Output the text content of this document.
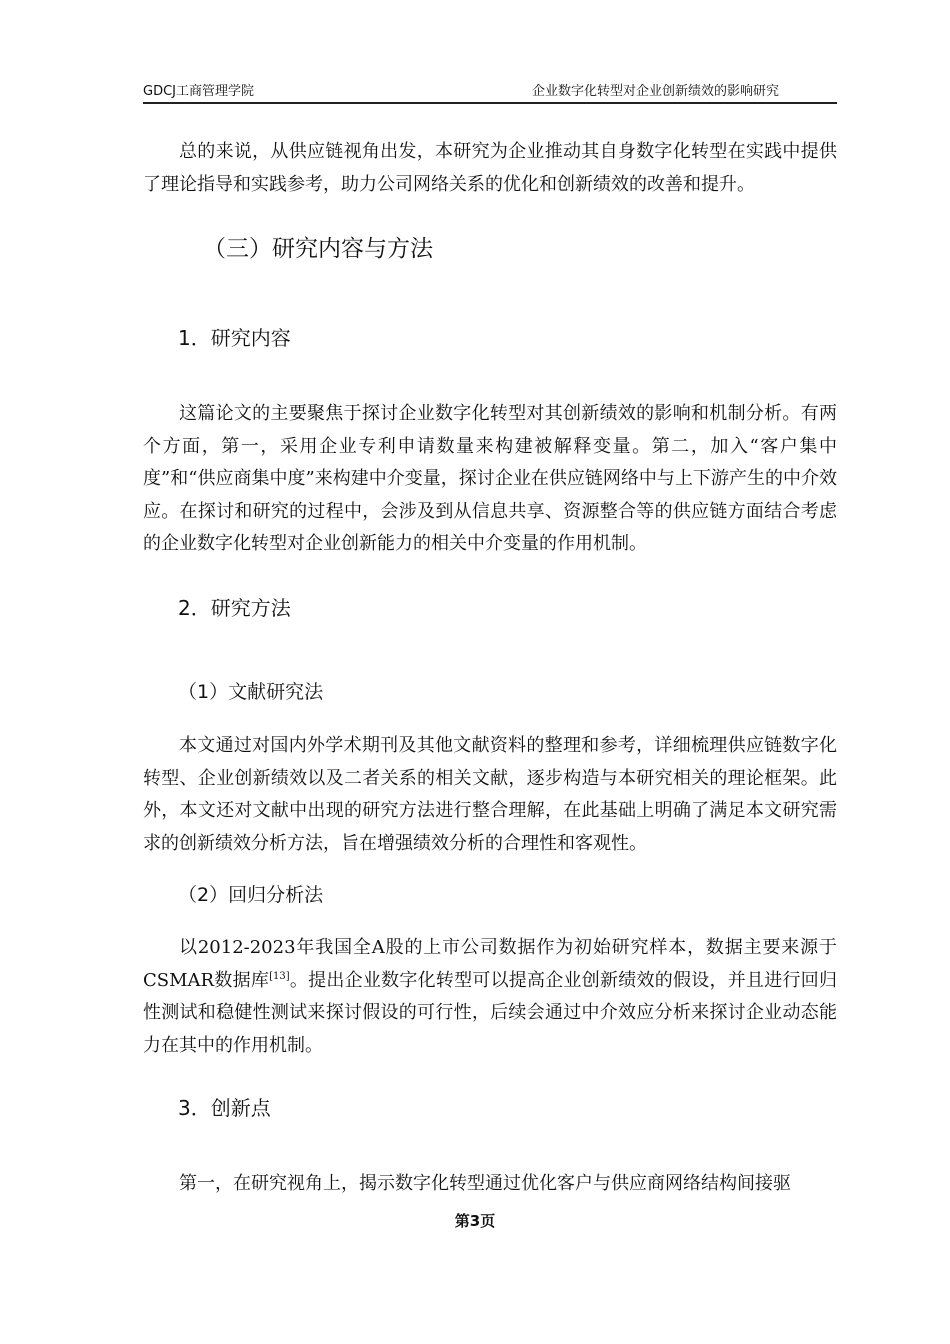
GDCJ工商管理学院	企业数字化转型对企业创新绩效的影响研究

总的来说，从供应链视角出发，本研究为企业推动其自身数字化转型在实践中提供了理论指导和实践参考，助力公司网络关系的优化和创新绩效的改善和提升。

（三）研究内容与方法
1．研究内容

这篇论文的主要聚焦于探讨企业数字化转型对其创新绩效的影响和机制分析。有两个方面，第一，采用企业专利申请数量来构建被解释变量。第二，加入“客户集中度”和“供应商集中度”来构建中介变量，探讨企业在供应链网络中与上下游产生的中介效应。在探讨和研究的过程中，会涉及到从信息共享、资源整合等的供应链方面结合考虑的企业数字化转型对企业创新能力的相关中介变量的作用机制。

2．研究方法
（1）文献研究法

本文通过对国内外学术期刊及其他文献资料的整理和参考，详细梳理供应链数字化转型、企业创新绩效以及二者关系的相关文献，逐步构造与本研究相关的理论框架。此外，本文还对文献中出现的研究方法进行整合理解，在此基础上明确了满足本文研究需求的创新绩效分析方法，旨在增强绩效分析的合理性和客观性。

（2）回归分析法

以2012-2023年我国全A股的上市公司数据作为初始研究样本，数据主要来源于CSMAR数据库[13]。提出企业数字化转型可以提高企业创新绩效的假设，并且进行回归性测试和稳健性测试来探讨假设的可行性，后续会通过中介效应分析来探讨企业动态能力在其中的作用机制。

3．创新点

第一，在研究视角上，揭示数字化转型通过优化客户与供应商网络结构间接驱

第3页
